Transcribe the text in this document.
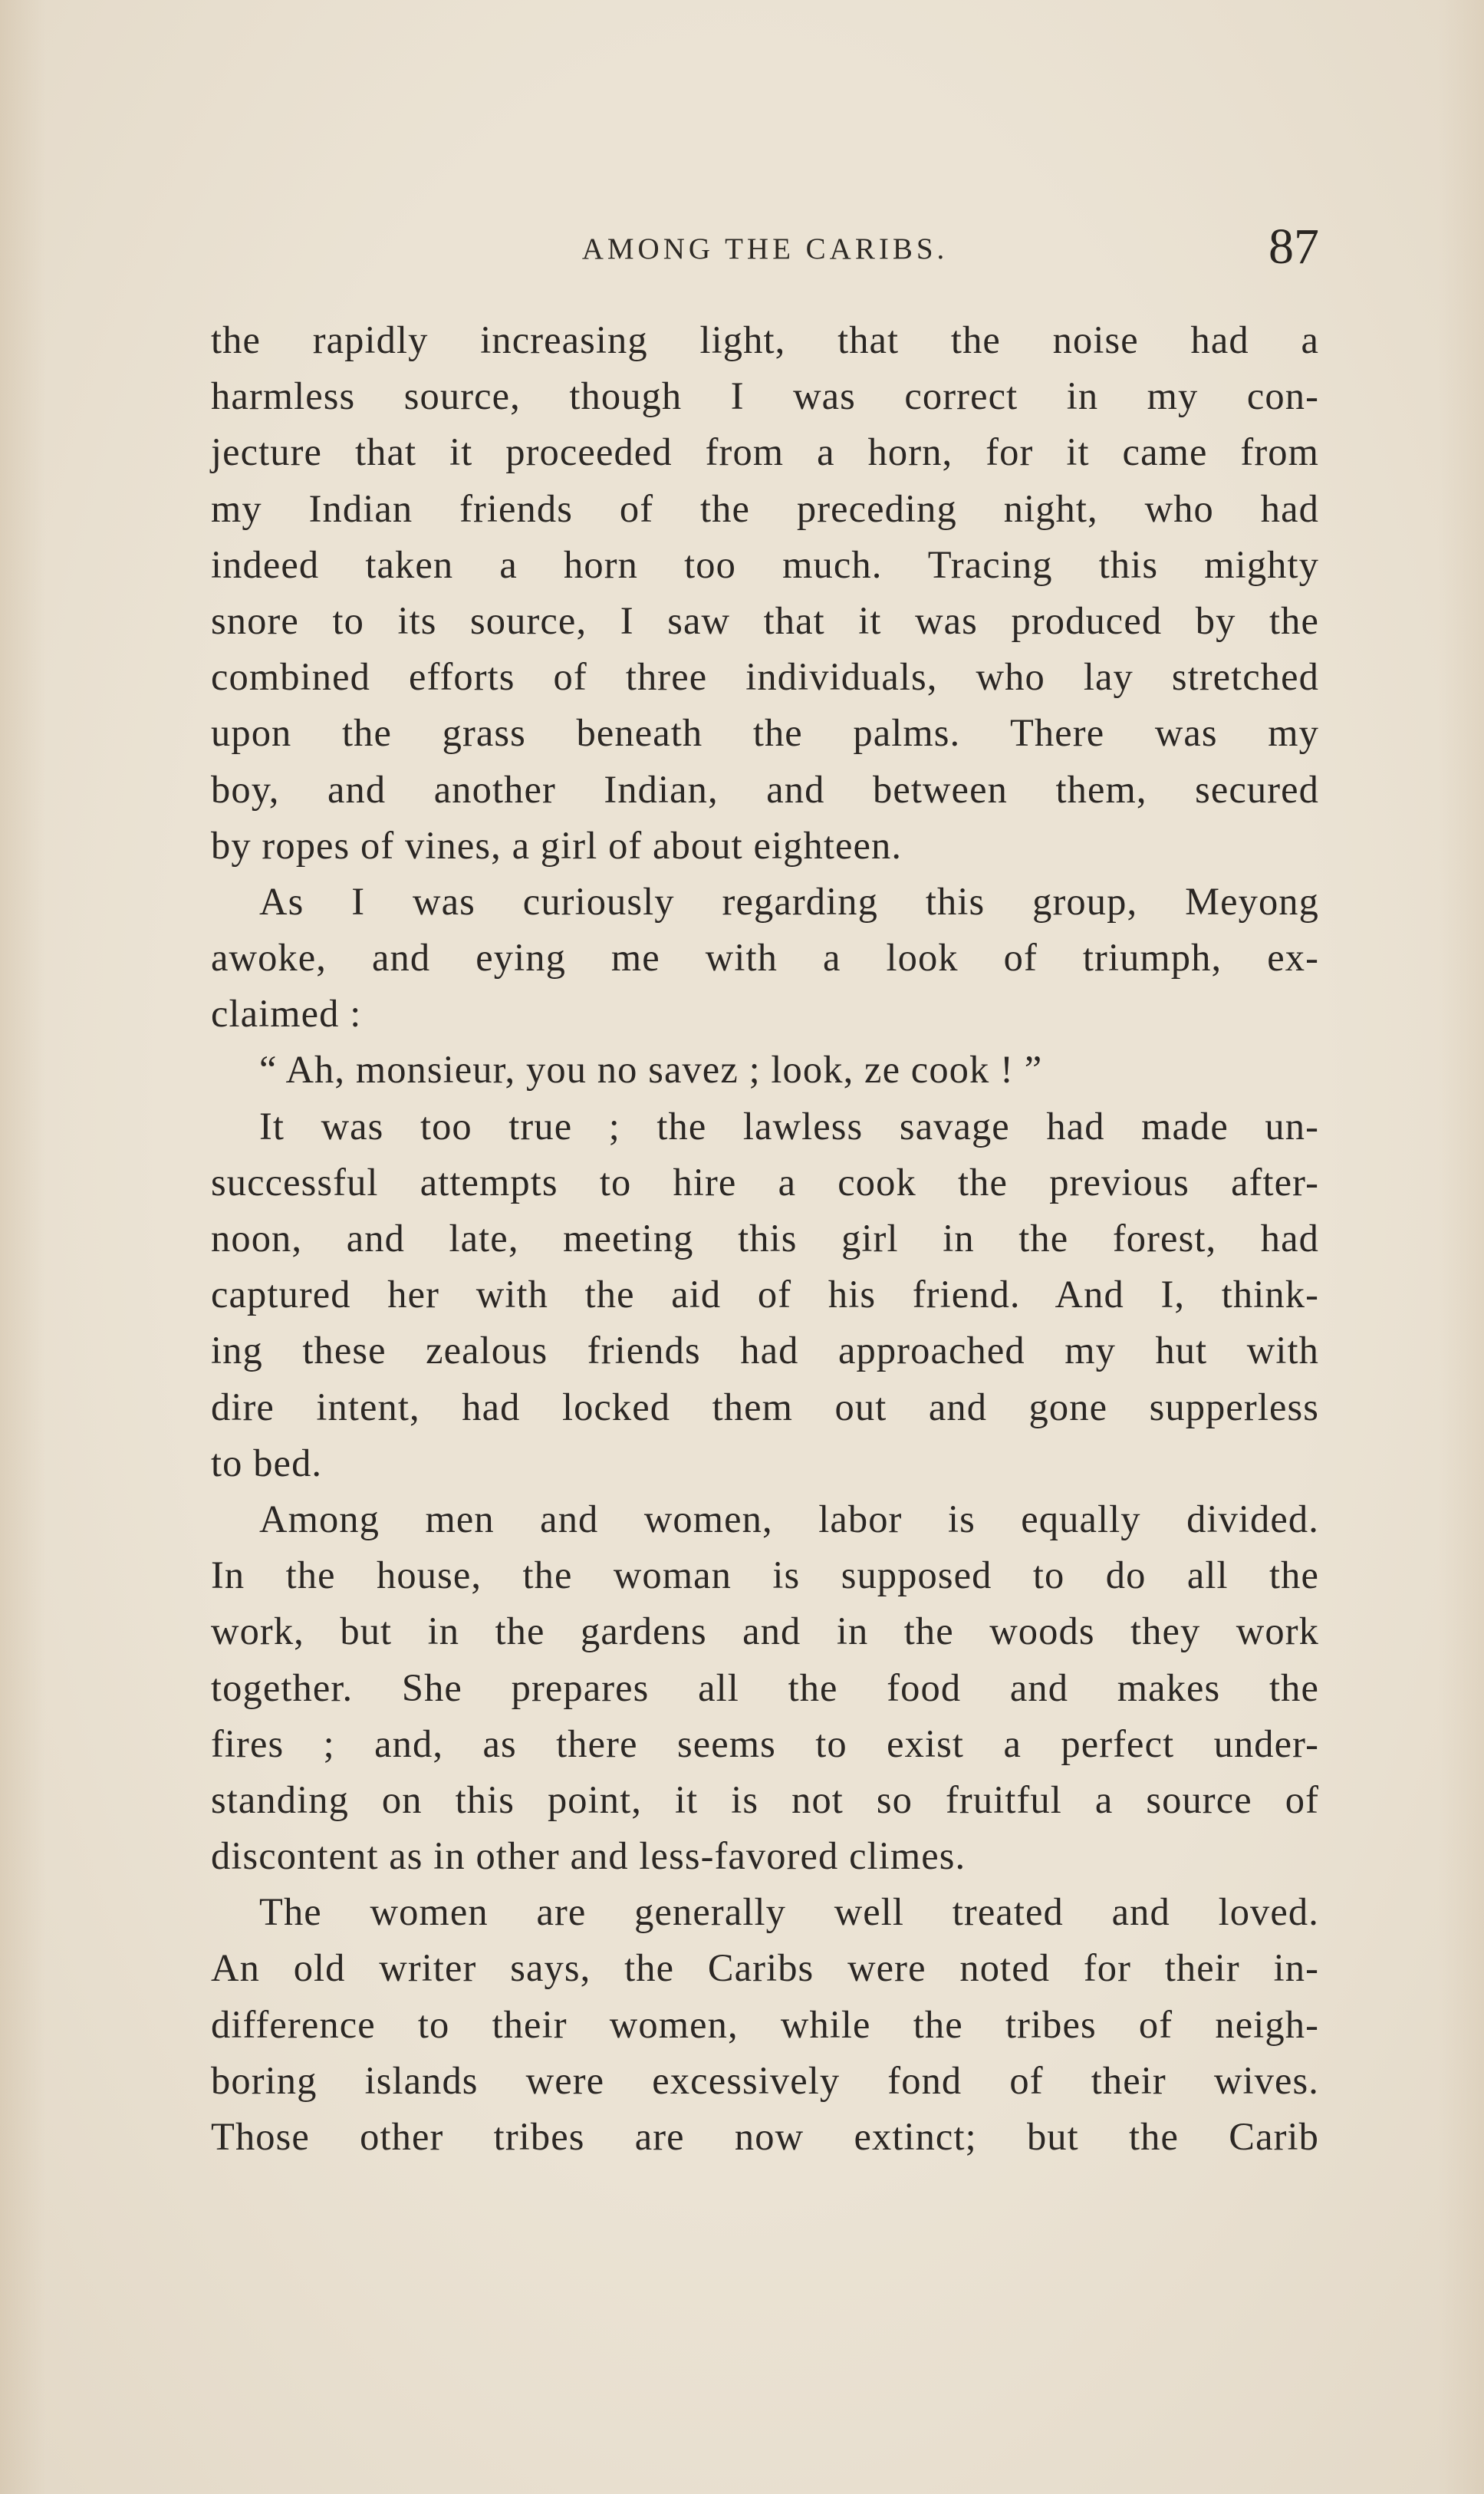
AMONG THE CARIBS.	87
the rapidly increasing light, that the noise had a
harmless source, though I was correct in my con-
jecture that it proceeded from a horn, for it came from
my Indian friends of the preceding night, who had
indeed taken a horn too much. Tracing this mighty
snore to its source, I saw that it was produced by the
combined efforts of three individuals, who lay stretched
upon the grass beneath the palms. There was my
boy, and another Indian, and between them, secured
by ropes of vines, a girl of about eighteen.
As I was curiously regarding this group, Meyong
awoke, and eying me with a look of triumph, ex-
claimed :
“ Ah, monsieur, you no savez ; look, ze cook ! ”
It was too true ; the lawless savage had made un-
successful attempts to hire a cook the previous after-
noon, and late, meeting this girl in the forest, had
captured her with the aid of his friend. And I, think-
ing these zealous friends had approached my hut with
dire intent, had locked them out and gone supperless
to bed.
Among men and women, labor is equally divided.
In the house, the woman is supposed to do all the
work, but in the gardens and in the woods they work
together. She prepares all the food and makes the
fires ; and, as there seems to exist a perfect under-
standing on this point, it is not so fruitful a source of
discontent as in other and less-favored climes.
The women are generally well treated and loved.
An old writer says, the Caribs were noted for their in-
difference to their women, while the tribes of neigh-
boring islands were excessively fond of their wives.
Those other tribes are now extinct; but the Carib
